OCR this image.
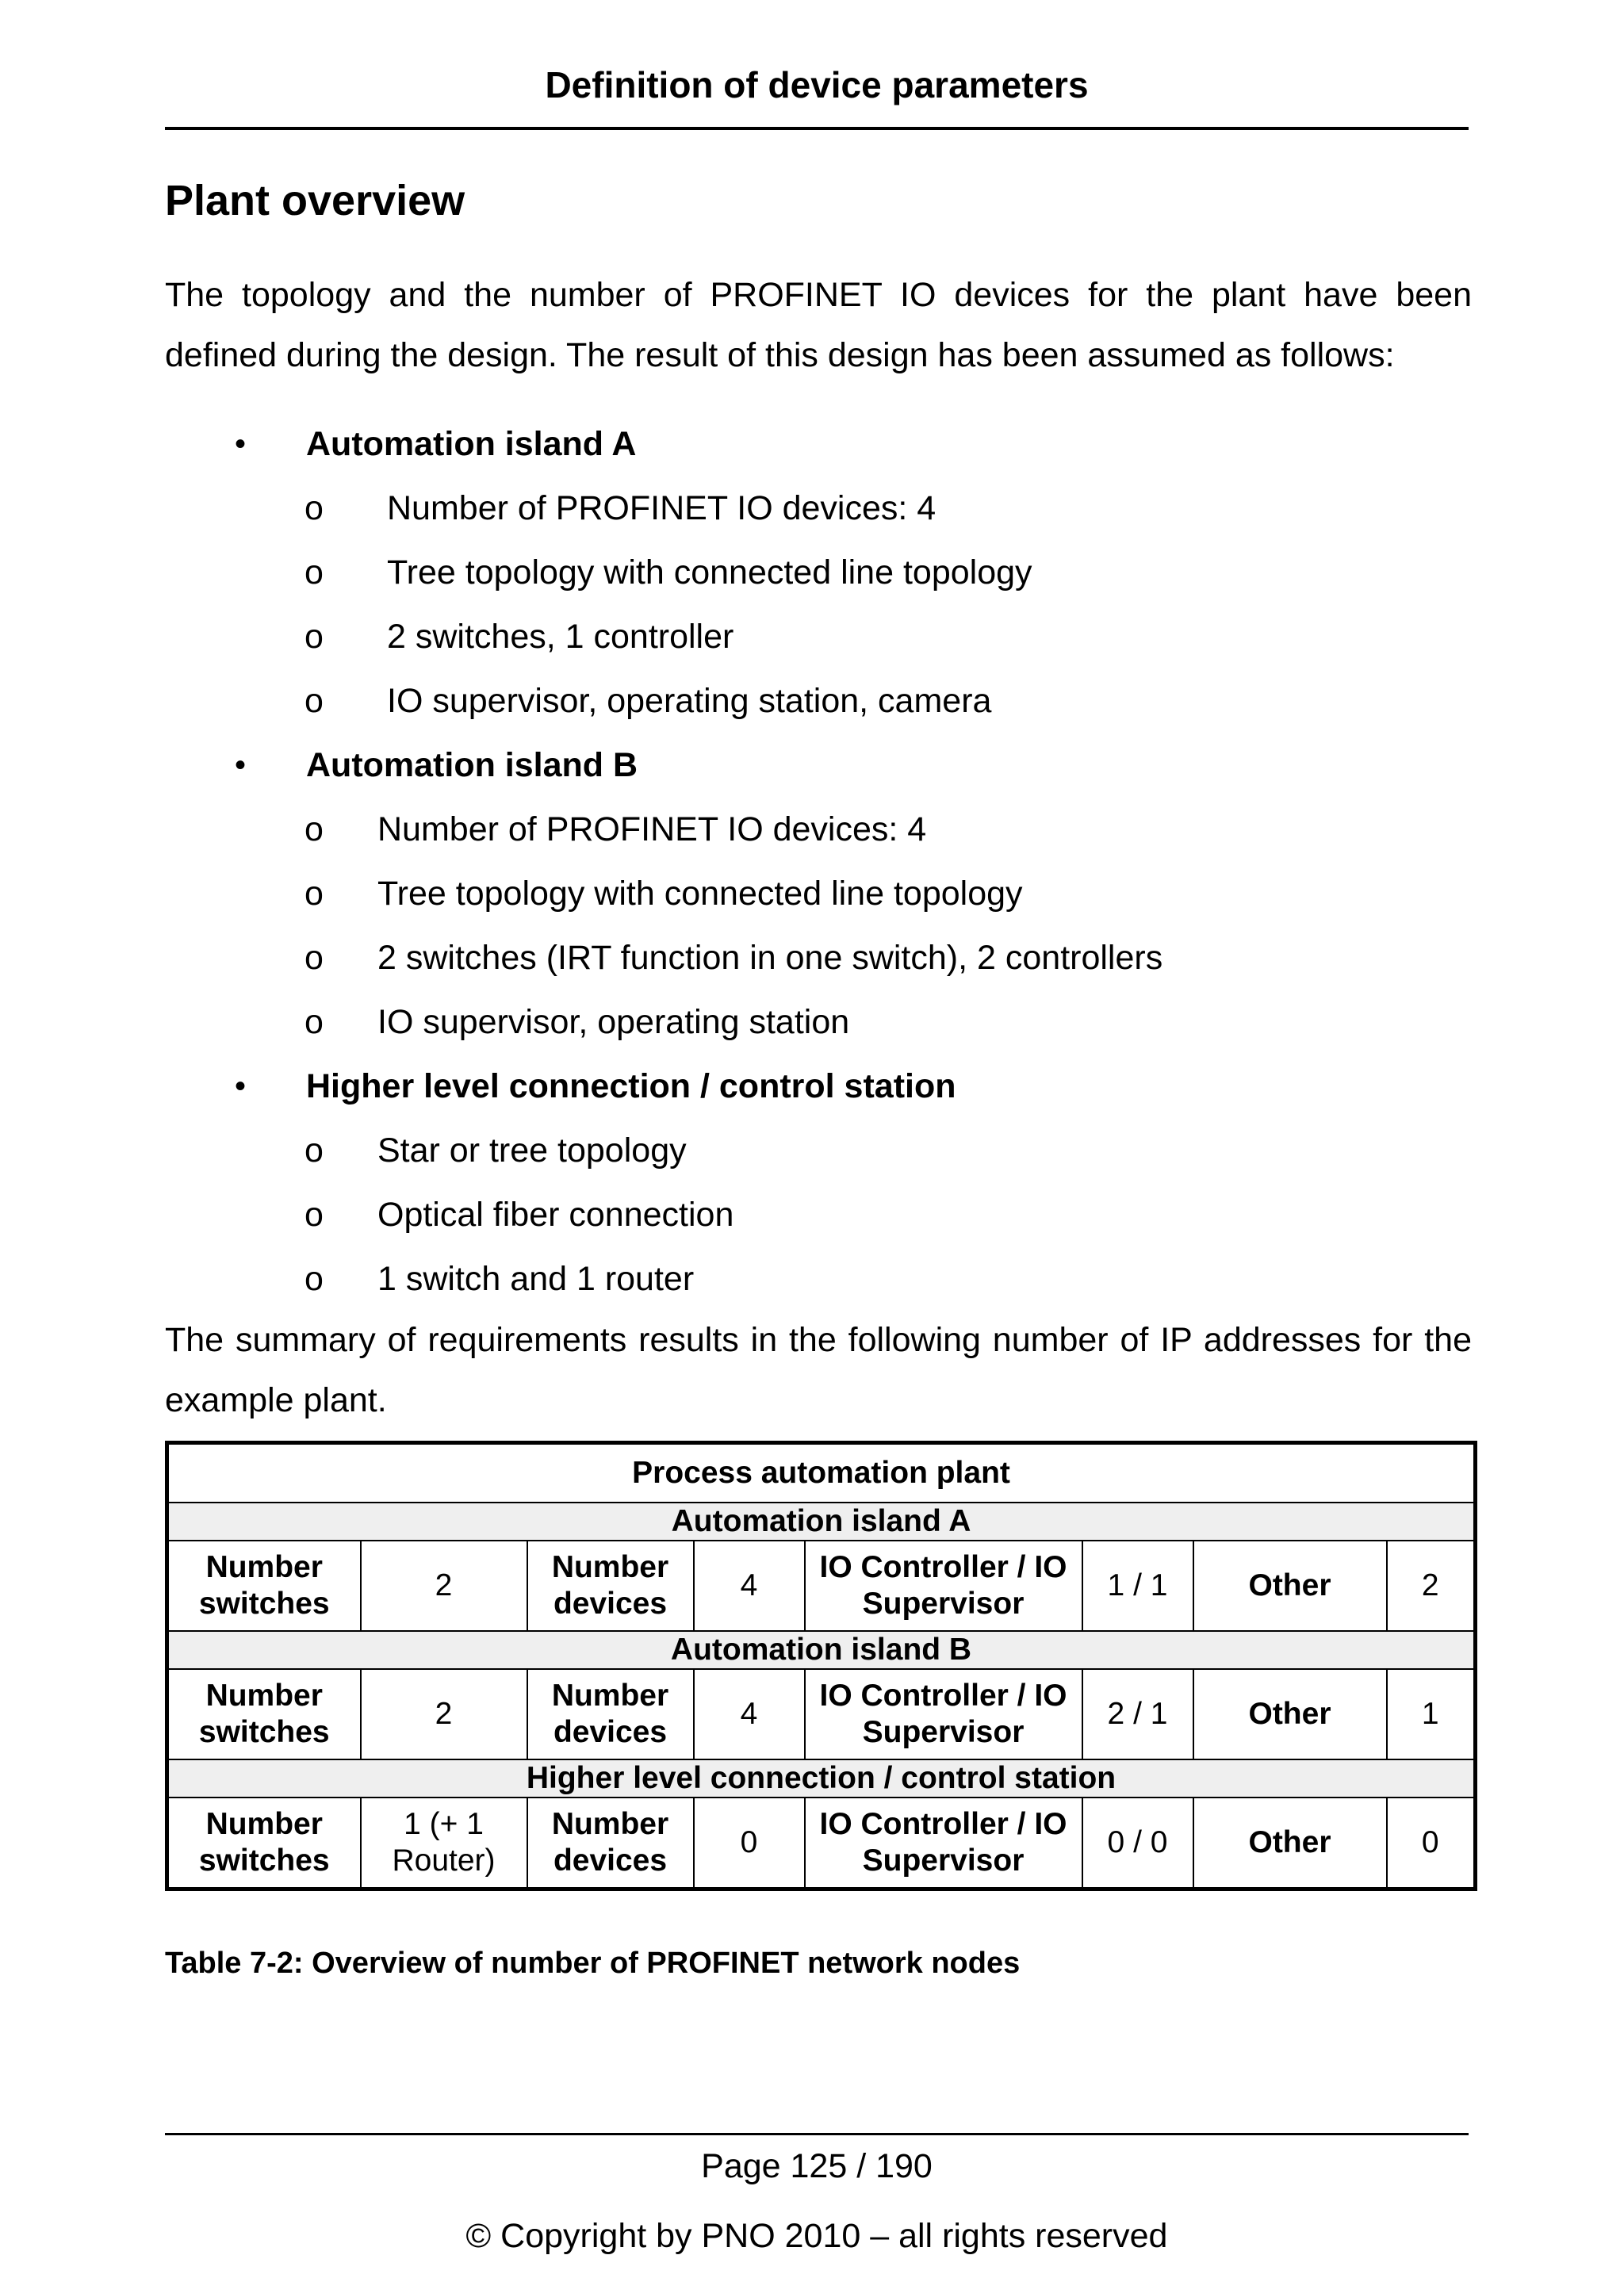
Definition of device parameters
Plant overview

The topology and the number of PROFINET IO devices for the plant have been defined during the design. The result of this design has been assumed as follows:

• Automation island A
o Number of PROFINET IO devices: 4
o Tree topology with connected line topology
o 2 switches, 1 controller
o IO supervisor, operating station, camera
• Automation island B
o Number of PROFINET IO devices: 4
o Tree topology with connected line topology
o 2 switches (IRT function in one switch), 2 controllers
o IO supervisor, operating station
• Higher level connection / control station
o Star or tree topology
o Optical fiber connection
o 1 switch and 1 router

The summary of requirements results in the following number of IP addresses for the example plant.

Process automation plant							
Automation island A							
Number switches	2	Number devices	4	IO Controller / IO Supervisor	1 / 1	Other	2
Automation island B							
Number switches	2	Number devices	4	IO Controller / IO Supervisor	2 / 1	Other	1
Higher level connection / control station							
Number switches	1 (+ 1 Router)	Number devices	0	IO Controller / IO Supervisor	0 / 0	Other	0
Table 7-2: Overview of number of PROFINET network nodes
Page 125 / 190
© Copyright by PNO 2010 – all rights reserved
